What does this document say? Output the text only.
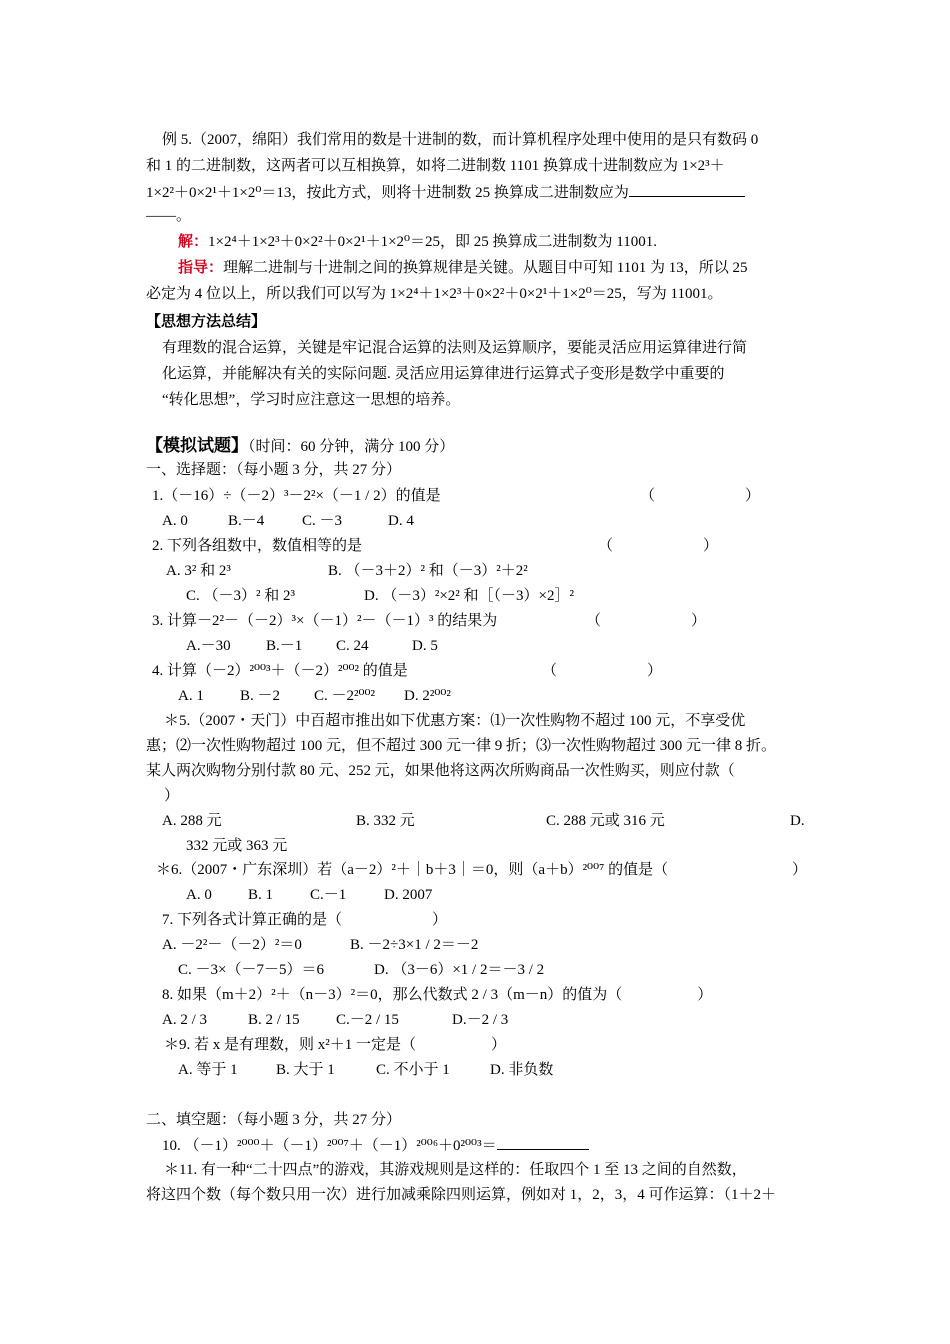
例 5.（2007，绵阳）我们常用的数是十进制的数，而计算机程序处理中使用的是只有数码 0
和 1 的二进制数，这两者可以互相换算，如将二进制数 1101 换算成十进制数应为 1×2³＋
1×2²＋0×2¹＋1×2⁰＝13，按此方式，则将十进制数 25 换算成二进制数应为
——。
解：1×2⁴＋1×2³＋0×2²＋0×2¹＋1×2⁰＝25，即 25 换算成二进制数为 11001.
指导：理解二进制与十进制之间的换算规律是关键。从题目中可知 1101 为 13，所以 25
必定为 4 位以上，所以我们可以写为 1×2⁴＋1×2³＋0×2²＋0×2¹＋1×2⁰＝25，写为 11001。
【思想方法总结】
有理数的混合运算，关键是牢记混合运算的法则及运算顺序，要能灵活应用运算律进行简
化运算，并能解决有关的实际问题. 灵活应用运算律进行运算式子变形是数学中重要的
“转化思想”，学习时应注意这一思想的培养。
【模拟试题】（时间：60 分钟，满分 100 分）
一、选择题：（每小题 3 分，共 27 分）
1.（－16）÷（－2）³－2²×（－1 / 2）的值是	（　　　　　　）
A. 0	B.－4	C. －3	D. 4
2. 下列各组数中，数值相等的是	（　　　　　　）
A. 3² 和 2³	B. （－3＋2）² 和（－3）²＋2²
C. （－3）² 和 2³	D. （－3）²×2² 和［（－3）×2］²
3. 计算－2²－（－2）³×（－1）²－（－1）³ 的结果为	（　　　　　　）
A.－30 B.－1 C. 24	D. 5
4. 计算（－2）²⁰⁰³＋（－2）²⁰⁰² 的值是	（　　　　　　）
A. 1 B. －2 C. －2²⁰⁰² D. 2²⁰⁰²
＊5.（2007・天门）中百超市推出如下优惠方案：⑴一次性购物不超过 100 元，不享受优
惠；⑵一次性购物超过 100 元，但不超过 300 元一律 9 折；⑶一次性购物超过 300 元一律 8 折。
某人两次购物分别付款 80 元、252 元，如果他将这两次所购商品一次性购买，则应付款（
）
A. 288 元	B. 332 元	C. 288 元或 316 元	D.
332 元或 363 元
＊6.（2007・广东深圳）若（a－2）²＋｜b＋3｜＝0，则（a＋b）²⁰⁰⁷ 的值是（	）
A. 0 B. 1 C.－1	D. 2007
7. 下列各式计算正确的是（　　　　　　）
A. －2²－（－2）²＝0	B. －2÷3×1 / 2＝－2
C. －3×（－7－5）＝6	D. （3－6）×1 / 2＝－3 / 2
8. 如果（m＋2）²＋（n－3）²＝0，那么代数式 2 / 3（m－n）的值为（　　　　　）
A. 2 / 3	B. 2 / 15 C.－2 / 15	D.－2 / 3
＊9. 若 x 是有理数，则 x²＋1 一定是（　　　　　）
A. 等于 1	B. 大于 1	C. 不小于 1	D. 非负数
二、填空题：（每小题 3 分，共 27 分）
10. （－1）²⁰⁰⁰＋（－1）²⁰⁰⁷＋（－1）²⁰⁰⁶＋0²⁰⁰³＝
＊11. 有一种“二十四点”的游戏，其游戏规则是这样的：任取四个 1 至 13 之间的自然数，
将这四个数（每个数只用一次）进行加减乘除四则运算，例如对 1，2，3，4 可作运算：（1＋2＋
